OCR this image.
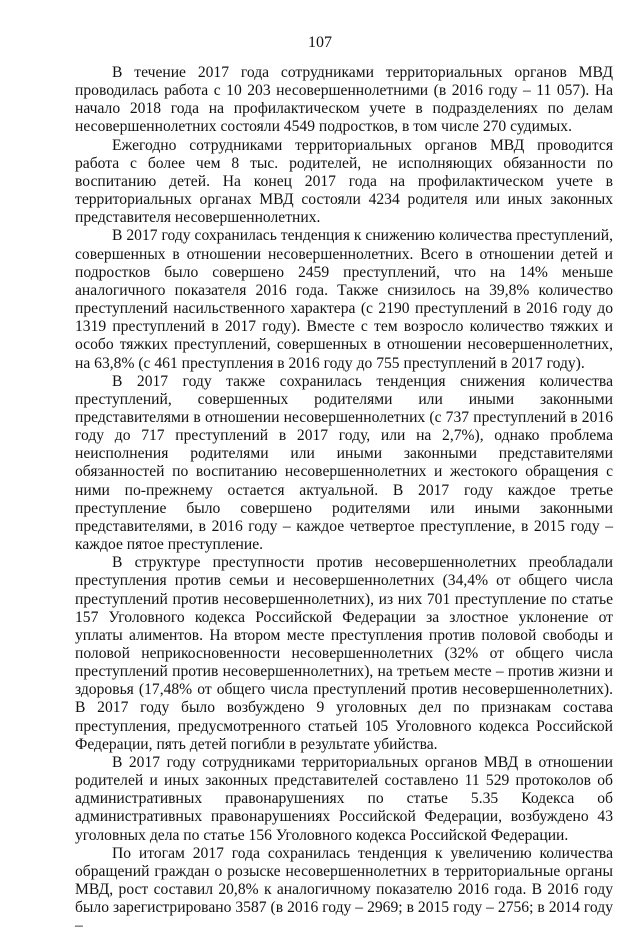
107

В течение 2017 года сотрудниками территориальных органов МВД проводилась работа с 10 203 несовершеннолетними (в 2016 году – 11 057). На начало 2018 года на профилактическом учете в подразделениях по делам несовершеннолетних состояли 4549 подростков, в том числе 270 судимых.

Ежегодно сотрудниками территориальных органов МВД проводится работа с более чем 8 тыс. родителей, не исполняющих обязанности по воспитанию детей. На конец 2017 года на профилактическом учете в территориальных органах МВД состояли 4234 родителя или иных законных представителя несовершеннолетних.

В 2017 году сохранилась тенденция к снижению количества преступлений, совершенных в отношении несовершеннолетних. Всего в отношении детей и подростков было совершено 2459 преступлений, что на 14% меньше аналогичного показателя 2016 года. Также снизилось на 39,8% количество преступлений насильственного характера (с 2190 преступлений в 2016 году до 1319 преступлений в 2017 году). Вместе с тем возросло количество тяжких и особо тяжких преступлений, совершенных в отношении несовершеннолетних, на 63,8% (с 461 преступления в 2016 году до 755 преступлений в 2017 году).

В 2017 году также сохранилась тенденция снижения количества преступлений, совершенных родителями или иными законными представителями в отношении несовершеннолетних (с 737 преступлений в 2016 году до 717 преступлений в 2017 году, или на 2,7%), однако проблема неисполнения родителями или иными законными представителями обязанностей по воспитанию несовершеннолетних и жестокого обращения с ними по-прежнему остается актуальной. В 2017 году каждое третье преступление было совершено родителями или иными законными представителями, в 2016 году – каждое четвертое преступление, в 2015 году – каждое пятое преступление.

В структуре преступности против несовершеннолетних преобладали преступления против семьи и несовершеннолетних (34,4% от общего числа преступлений против несовершеннолетних), из них 701 преступление по статье 157 Уголовного кодекса Российской Федерации за злостное уклонение от уплаты алиментов. На втором месте преступления против половой свободы и половой неприкосновенности несовершеннолетних (32% от общего числа преступлений против несовершеннолетних), на третьем месте – против жизни и здоровья (17,48% от общего числа преступлений против несовершеннолетних). В 2017 году было возбуждено 9 уголовных дел по признакам состава преступления, предусмотренного статьей 105 Уголовного кодекса Российской Федерации, пять детей погибли в результате убийства.

В 2017 году сотрудниками территориальных органов МВД в отношении родителей и иных законных представителей составлено 11 529 протоколов об административных правонарушениях по статье 5.35 Кодекса об административных правонарушениях Российской Федерации, возбуждено 43 уголовных дела по статье 156 Уголовного кодекса Российской Федерации.

По итогам 2017 года сохранилась тенденция к увеличению количества обращений граждан о розыске несовершеннолетних в территориальные органы МВД, рост составил 20,8% к аналогичному показателю 2016 года. В 2016 году было зарегистрировано 3587 (в 2016 году – 2969; в 2015 году – 2756; в 2014 году –
